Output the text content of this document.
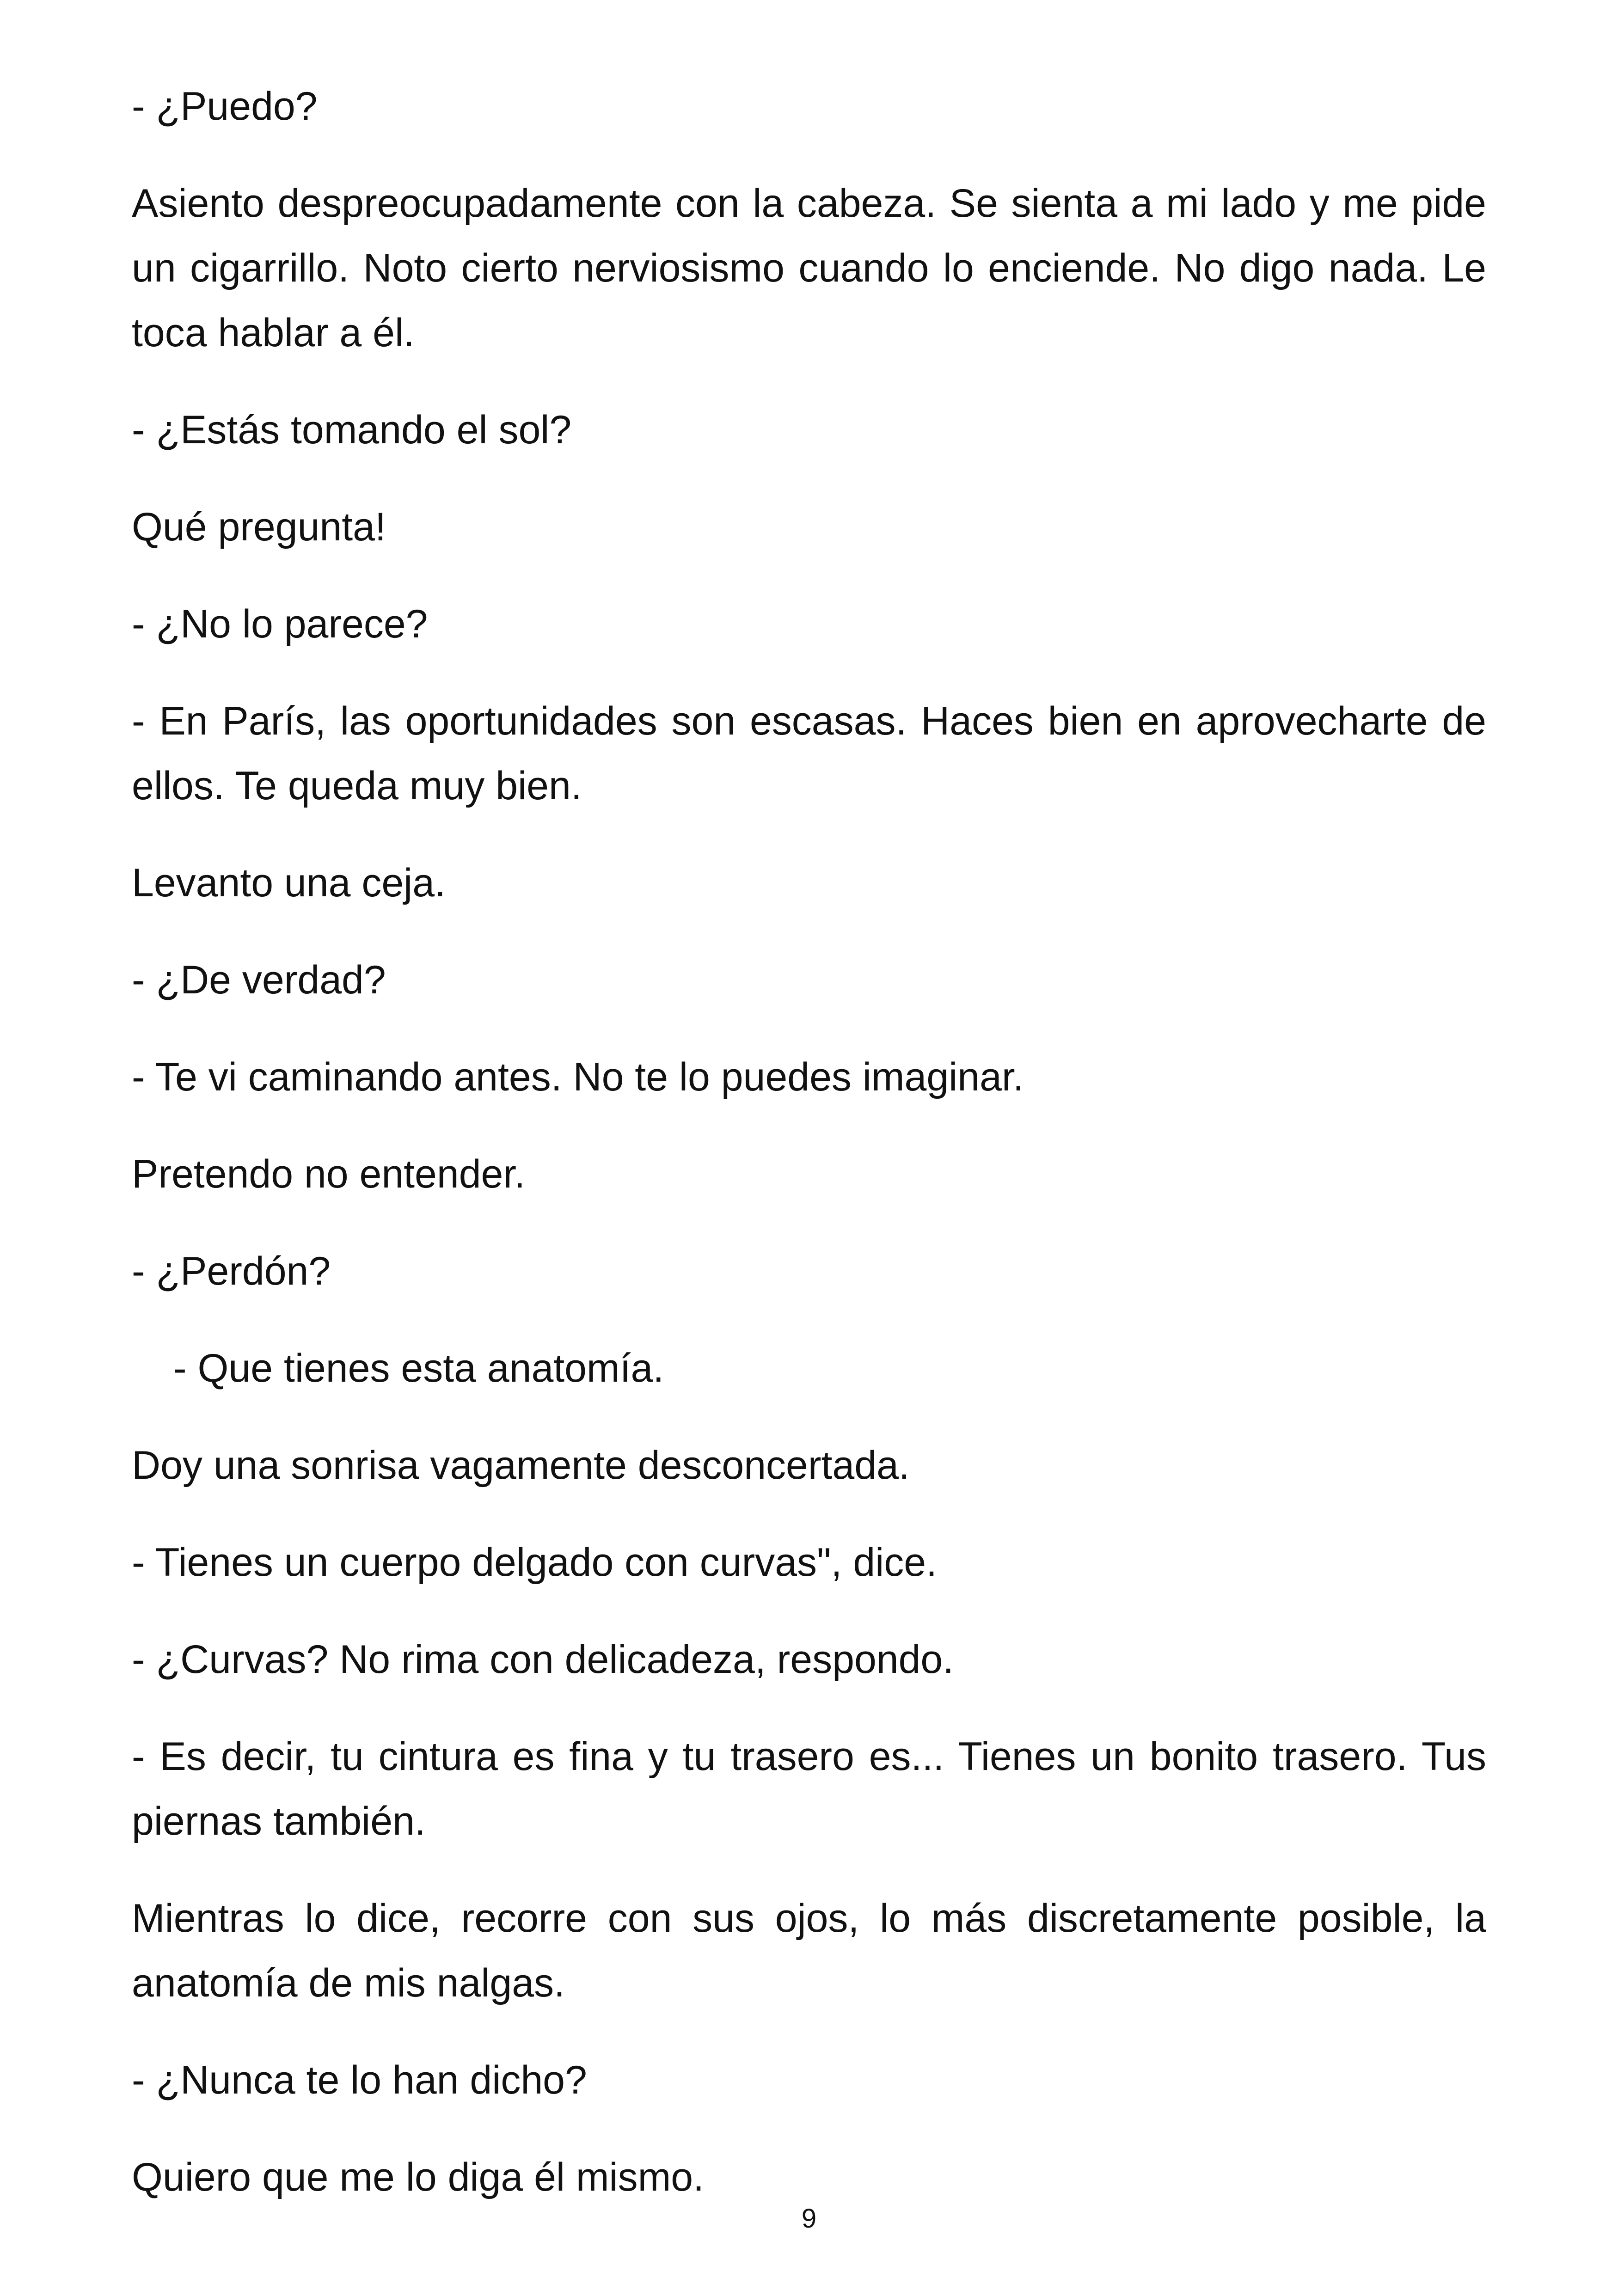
- ¿Puedo?

Asiento despreocupadamente con la cabeza. Se sienta a mi lado y me pide un cigarrillo. Noto cierto nerviosismo cuando lo enciende. No digo nada. Le toca hablar a él.

- ¿Estás tomando el sol?

Qué pregunta!

- ¿No lo parece?

- En París, las oportunidades son escasas. Haces bien en aprovecharte de ellos. Te queda muy bien.

Levanto una ceja.

- ¿De verdad?

- Te vi caminando antes. No te lo puedes imaginar.

Pretendo no entender.

- ¿Perdón?

- Que tienes esta anatomía.

Doy una sonrisa vagamente desconcertada.

- Tienes un cuerpo delgado con curvas", dice.

- ¿Curvas? No rima con delicadeza, respondo.

- Es decir, tu cintura es fina y tu trasero es... Tienes un bonito trasero. Tus piernas también.

Mientras lo dice, recorre con sus ojos, lo más discretamente posible, la anatomía de mis nalgas.

- ¿Nunca te lo han dicho?

Quiero que me lo diga él mismo.

9
